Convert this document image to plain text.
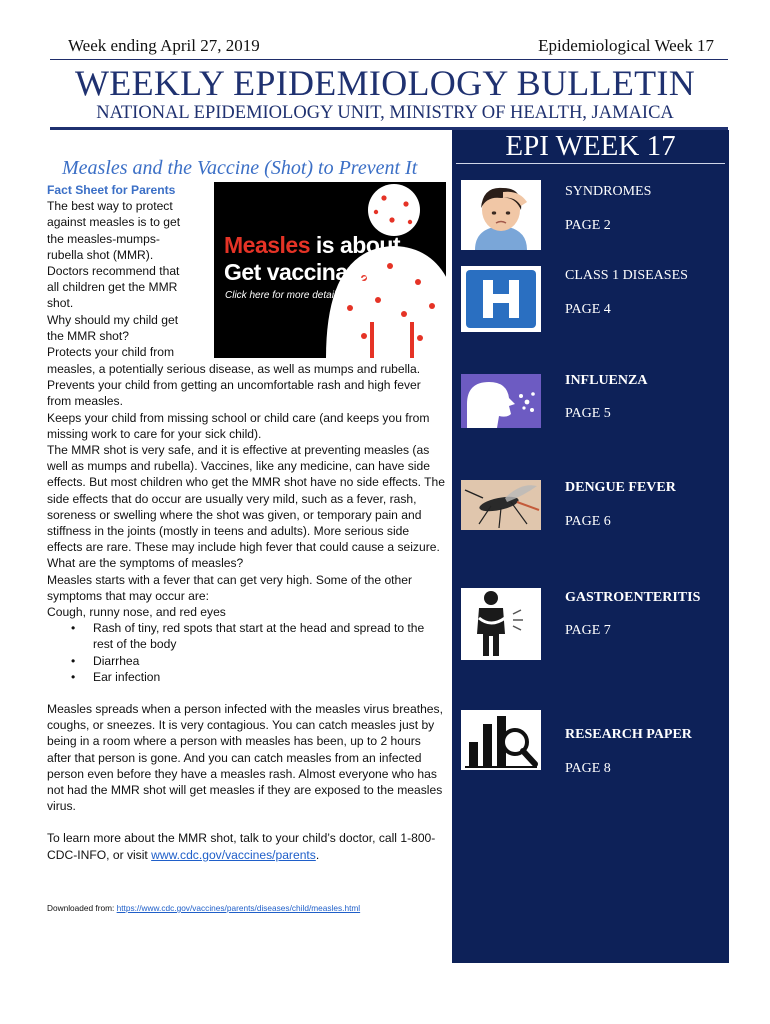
Week ending April 27, 2019	Epidemiological Week 17
WEEKLY EPIDEMIOLOGY BULLETIN
NATIONAL EPIDEMIOLOGY UNIT, MINISTRY OF HEALTH, JAMAICA
EPI WEEK 17
SYNDROMES
PAGE 2
CLASS 1 DISEASES
PAGE 4
INFLUENZA
PAGE 5
DENGUE FEVER
PAGE 6
GASTROENTERITIS
PAGE 7
RESEARCH PAPER
PAGE 8
Measles and the Vaccine (Shot) to Prevent It
Measles is about.
Get vaccinated!
Click here for more details

Fact Sheet for Parents

The best way to protect

against measles is to get

the measles-mumps-

rubella shot (MMR).

Doctors recommend that

all children get the MMR

shot.

Why should my child get

the MMR shot?

Protects your child from

measles, a potentially serious disease, as well as mumps and rubella. Prevents your child from getting an uncomfortable rash and high fever from measles.

Keeps your child from missing school or child care (and keeps you from missing work to care for your sick child).

The MMR shot is very safe, and it is effective at preventing measles (as well as mumps and rubella). Vaccines, like any medicine, can have side effects. But most children who get the MMR shot have no side effects. The side effects that do occur are usually very mild, such as a fever, rash, soreness or swelling where the shot was given, or temporary pain and stiffness in the joints (mostly in teens and adults). More serious side effects are rare. These may include high fever that could cause a seizure.

What are the symptoms of measles?

Measles starts with a fever that can get very high. Some of the other symptoms that may occur are:

Cough, runny nose, and red eyes

• Rash of tiny, red spots that start at the head and spread to the rest of the body

• Diarrhea

• Ear infection

Measles spreads when a person infected with the measles virus breathes, coughs, or sneezes. It is very contagious. You can catch measles just by being in a room where a person with measles has been, up to 2 hours after that person is gone. And you can catch measles from an infected person even before they have a measles rash. Almost everyone who has not had the MMR shot will get measles if they are exposed to the measles virus.

To learn more about the MMR shot, talk to your child’s doctor, call 1-800-CDC-INFO, or visit www.cdc.gov/vaccines/parents.

Downloaded from: https://www.cdc.gov/vaccines/parents/diseases/child/measles.html
